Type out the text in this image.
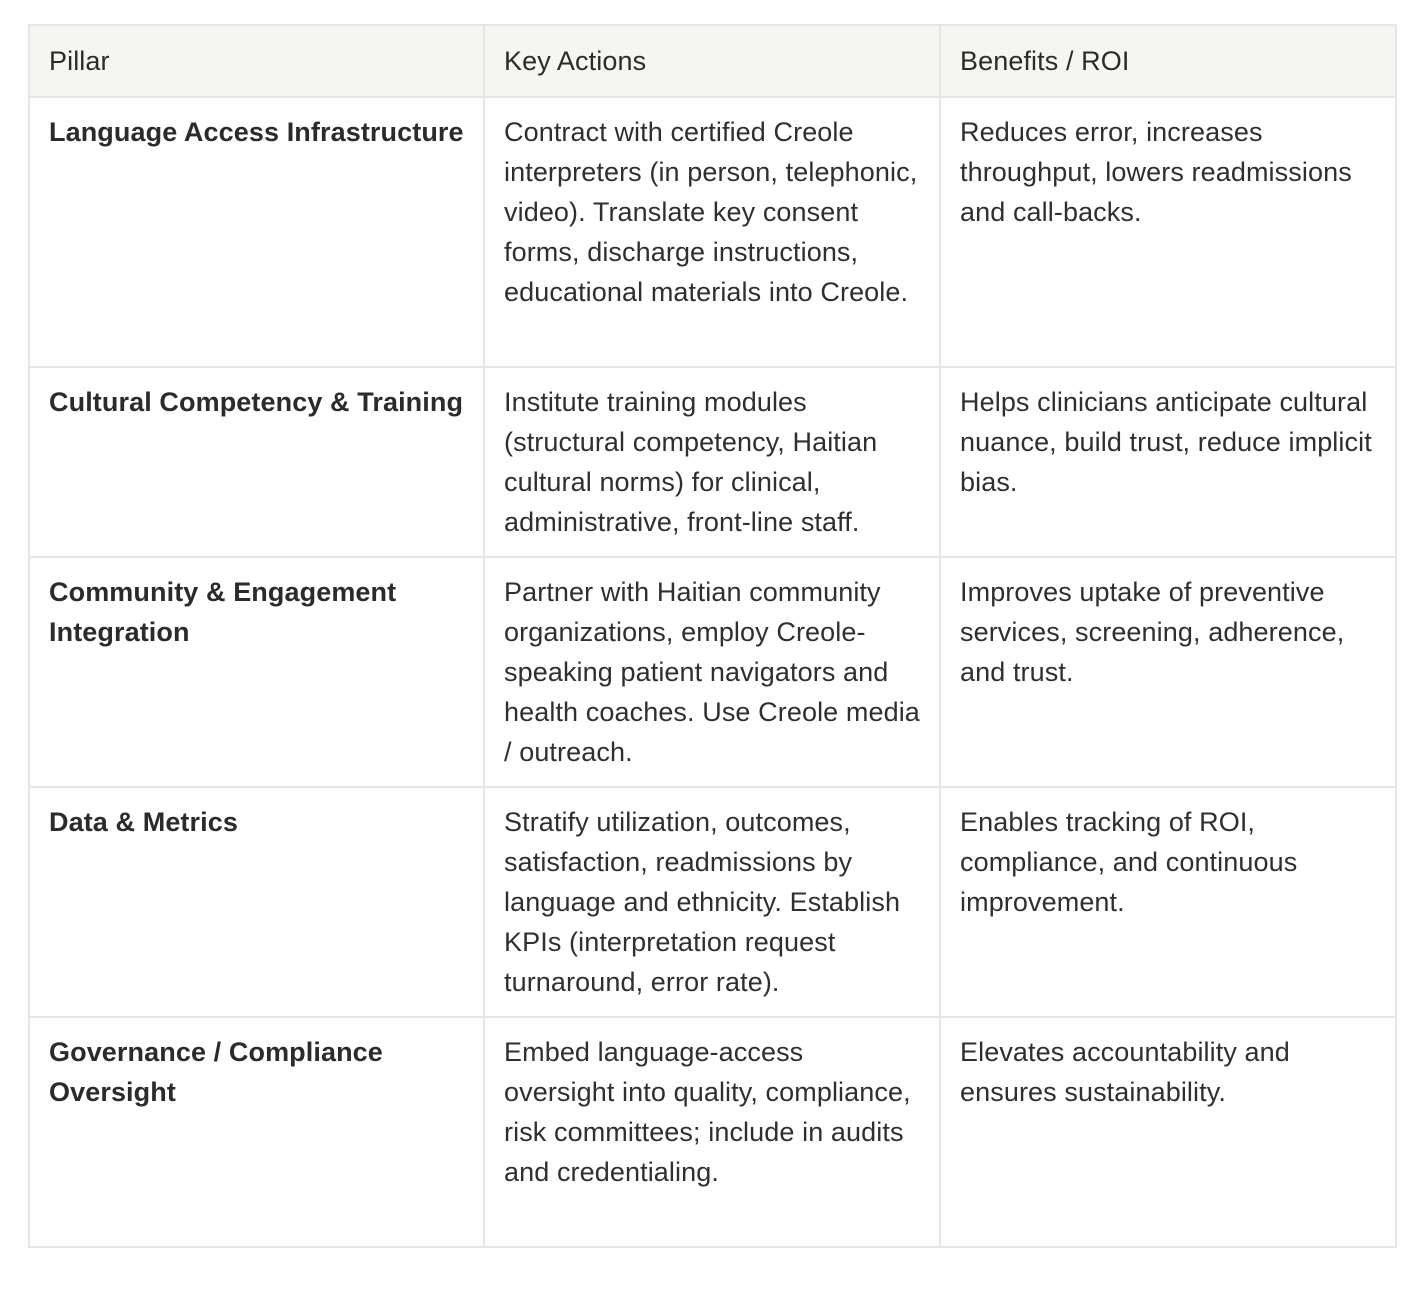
Pillar	Key Actions	Benefits / ROI
Language Access Infrastructure	Contract with certified Creole interpreters (in person, telephonic, video). Translate key consent forms, discharge instructions, educational materials into Creole.	Reduces error, increases throughput, lowers readmissions and call-backs.
Cultural Competency & Training	Institute training modules (structural competency, Haitian cultural norms) for clinical, administrative, front-line staff.	Helps clinicians anticipate cultural nuance, build trust, reduce implicit bias.
Community & Engagement Integration	Partner with Haitian community organizations, employ Creole-speaking patient navigators and health coaches. Use Creole media / outreach.	Improves uptake of preventive services, screening, adherence, and trust.
Data & Metrics	Stratify utilization, outcomes, satisfaction, readmissions by language and ethnicity. Establish KPIs (interpretation request turnaround, error rate).	Enables tracking of ROI, compliance, and continuous improvement.
Governance / Compliance Oversight	Embed language-access oversight into quality, compliance, risk committees; include in audits and credentialing.	Elevates accountability and ensures sustainability.
